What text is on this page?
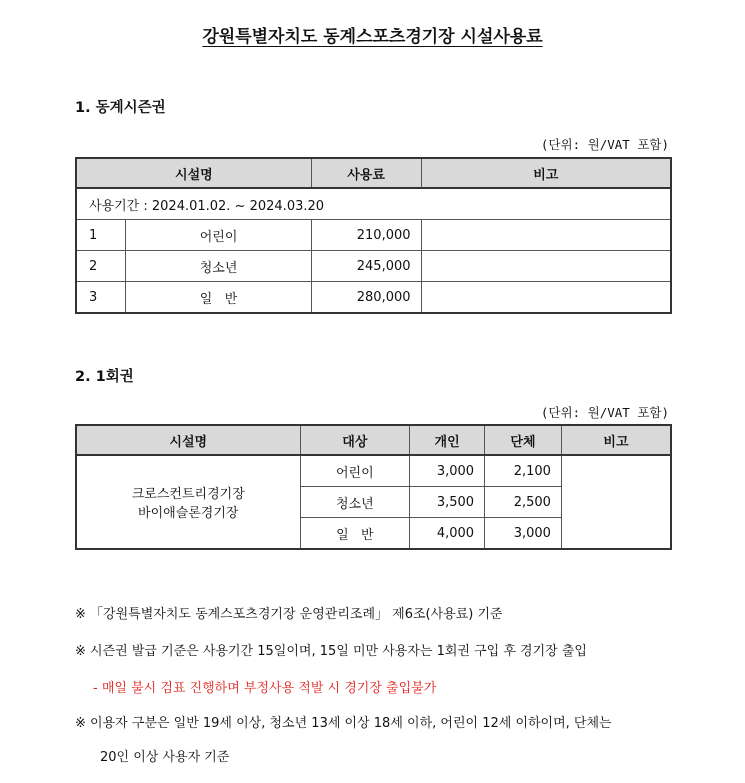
강원특별자치도 동계스포츠경기장 시설사용료
1. 동계시즌권
(단위: 원/VAT 포함)
시설명		사용료	비고
사용기간 : 2024.01.02. ~ 2024.03.20			
1	어린이	210,000	
2	청소년	245,000	
3	일   반	280,000	
2. 1회권
(단위: 원/VAT 포함)
시설명	대상	개인	단체	비고

크로스컨트리경기장
바이애슬론경기장	어린이	3,000	2,100	
	청소년	3,500	2,500	
	일   반	4,000	3,000	
※ 「강원특별자치도 동계스포츠경기장 운영관리조례」 제6조(사용료) 기준
※ 시즌권 발급 기준은 사용기간 15일이며, 15일 미만 사용자는 1회권 구입 후 경기장 출입
- 매일 불시 검표 진행하며 부정사용 적발 시 경기장 출입불가
※ 이용자 구분은 일반 19세 이상, 청소년 13세 이상 18세 이하, 어린이 12세 이하이며, 단체는
20인 이상 사용자 기준
